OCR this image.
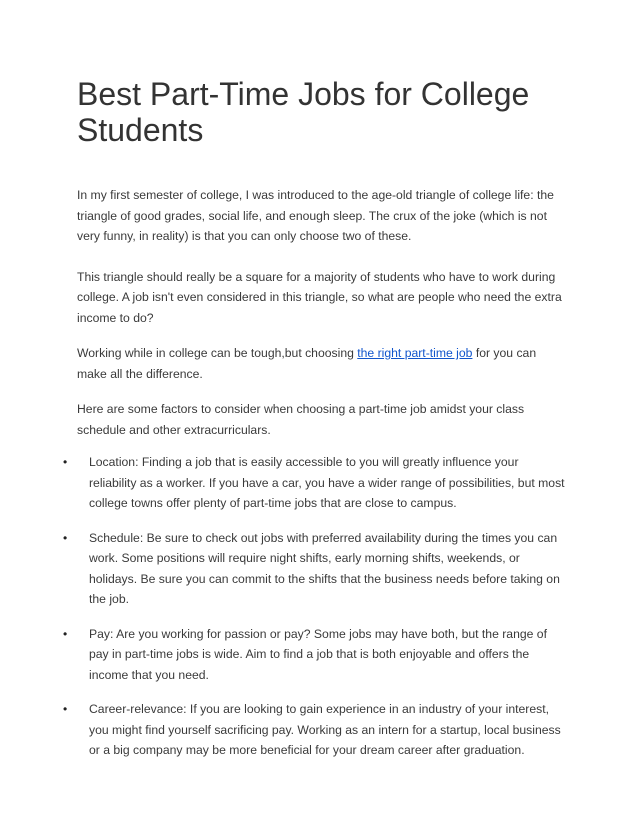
Best Part-Time Jobs for College Students

In my first semester of college, I was introduced to the age-old triangle of college life: the triangle of good grades, social life, and enough sleep. The crux of the joke (which is not very funny, in reality) is that you can only choose two of these.

This triangle should really be a square for a majority of students who have to work during college. A job isn't even considered in this triangle, so what are people who need the extra income to do?

Working while in college can be tough,but choosing the right part-time job for you can make all the difference.

Here are some factors to consider when choosing a part-time job amidst your class schedule and other extracurriculars.

• Location: Finding a job that is easily accessible to you will greatly influence your reliability as a worker. If you have a car, you have a wider range of possibilities, but most college towns offer plenty of part-time jobs that are close to campus.
• Schedule: Be sure to check out jobs with preferred availability during the times you can work. Some positions will require night shifts, early morning shifts, weekends, or holidays. Be sure you can commit to the shifts that the business needs before taking on the job.
• Pay: Are you working for passion or pay? Some jobs may have both, but the range of pay in part-time jobs is wide. Aim to find a job that is both enjoyable and offers the income that you need.
• Career-relevance: If you are looking to gain experience in an industry of your interest, you might find yourself sacrificing pay. Working as an intern for a startup, local business or a big company may be more beneficial for your dream career after graduation.
